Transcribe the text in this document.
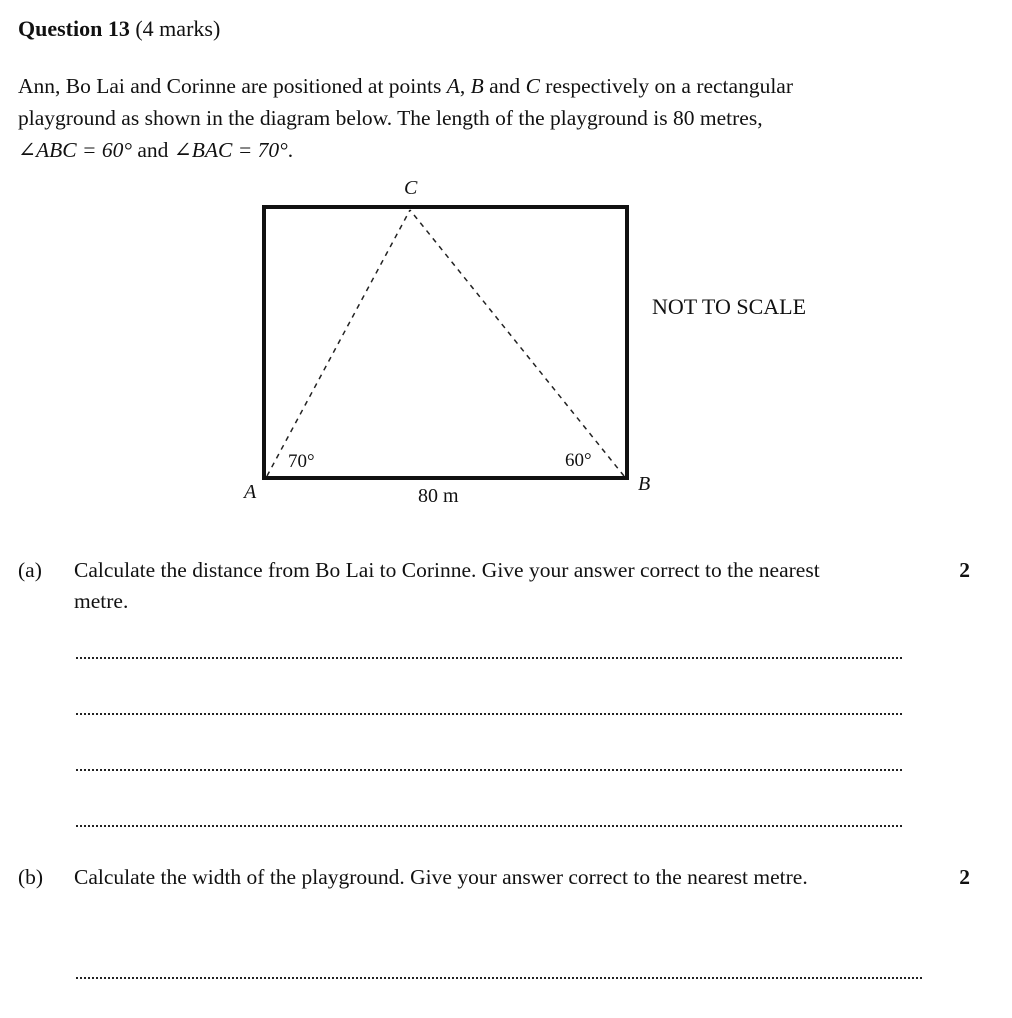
Question 13 (4 marks)

Ann, Bo Lai and Corinne are positioned at points A, B and C respectively on a rectangular

playground as shown in the diagram below. The length of the playground is 80 metres,

∠ABC = 60° and ∠BAC = 70°.

C
A	B
70°	60°
80 m
NOT TO SCALE
(a) Calculate the distance from Bo Lai to Corinne. Give your answer correct to the nearest metre.
2
(b) Calculate the width of the playground. Give your answer correct to the nearest metre.	2
